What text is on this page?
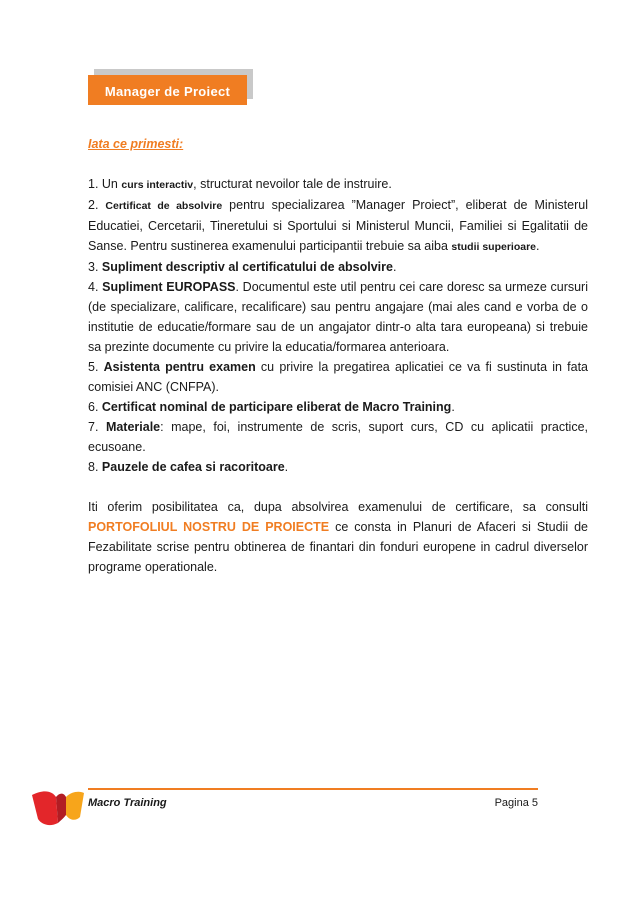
Manager de Proiect

Iata ce primesti:

1. Un curs interactiv, structurat nevoilor tale de instruire.

2. Certificat de absolvire pentru specializarea ”Manager Proiect”, eliberat de Ministerul Educatiei, Cercetarii, Tineretului si Sportului si Ministerul Muncii, Familiei si Egalitatii de Sanse. Pentru sustinerea examenului participantii trebuie sa aiba studii superioare.

3. Supliment descriptiv al certificatului de absolvire.

4. Supliment EUROPASS. Documentul este util pentru cei care doresc sa urmeze cursuri (de specializare, calificare, recalificare) sau pentru angajare (mai ales cand e vorba de o institutie de educatie/formare sau de un angajator dintr-o alta tara europeana) si trebuie sa prezinte documente cu privire la educatia/formarea anterioara.

5. Asistenta pentru examen cu privire la pregatirea aplicatiei ce va fi sustinuta in fata comisiei ANC (CNFPA).

6. Certificat nominal de participare eliberat de Macro Training.

7. Materiale: mape, foi, instrumente de scris, suport curs, CD cu aplicatii practice, ecusoane.

8. Pauzele de cafea si racoritoare.

Iti oferim posibilitatea ca, dupa absolvirea examenului de certificare, sa consulti PORTOFOLIUL NOSTRU DE PROIECTE ce consta in Planuri de Afaceri si Studii de Fezabilitate scrise pentru obtinerea de finantari din fonduri europene in cadrul diverselor programe operationale.

Macro Training	Pagina 5
